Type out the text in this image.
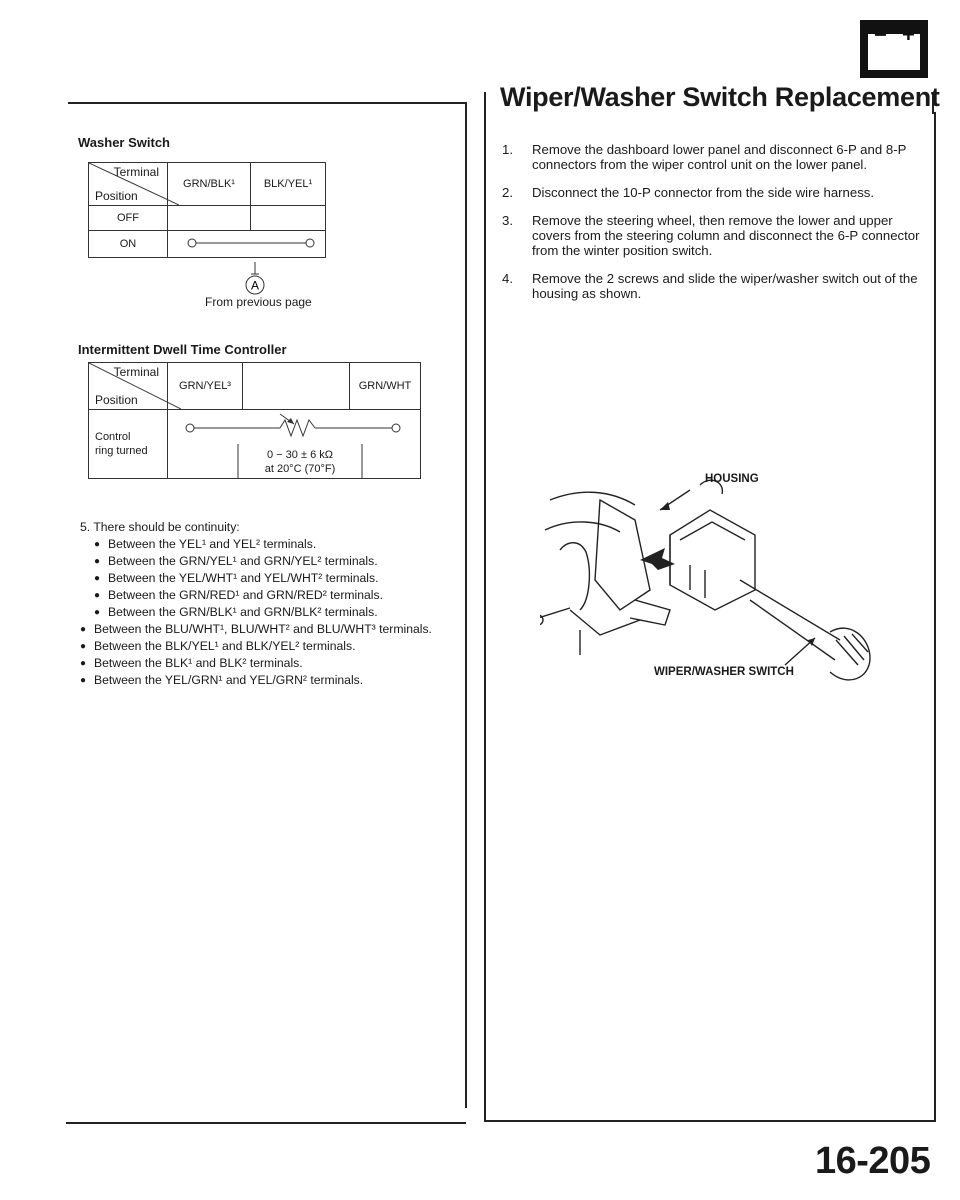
− +
Wiper/Washer Switch Replacement
Washer Switch
Terminal
Position	GRN/BLK¹	BLK/YEL¹
OFF		
ON	
A
From previous page
Intermittent Dwell Time Controller
Terminal
Position	GRN/YEL³		GRN/WHT
Control
ring turned	0 − 30 ± 6 kΩ
at 20°C (70°F)		
5. There should be continuity:
● Between the YEL¹ and YEL² terminals.
● Between the GRN/YEL¹ and GRN/YEL² terminals.
● Between the YEL/WHT¹ and YEL/WHT² terminals.
● Between the GRN/RED¹ and GRN/RED² terminals.
● Between the GRN/BLK¹ and GRN/BLK² terminals.
● Between the BLU/WHT¹, BLU/WHT² and BLU/WHT³ terminals.
● Between the BLK/YEL¹ and BLK/YEL² terminals.
● Between the BLK¹ and BLK² terminals.
● Between the YEL/GRN¹ and YEL/GRN² terminals.
1. Remove the dashboard lower panel and disconnect 6-P and 8-P connectors from the wiper control unit on the lower panel.
2. Disconnect the 10-P connector from the side wire harness.
3. Remove the steering wheel, then remove the lower and upper covers from the steering column and disconnect the 6-P connector from the winter position switch.
4. Remove the 2 screws and slide the wiper/washer switch out of the housing as shown.
HOUSING
WIPER/WASHER SWITCH
16-205
